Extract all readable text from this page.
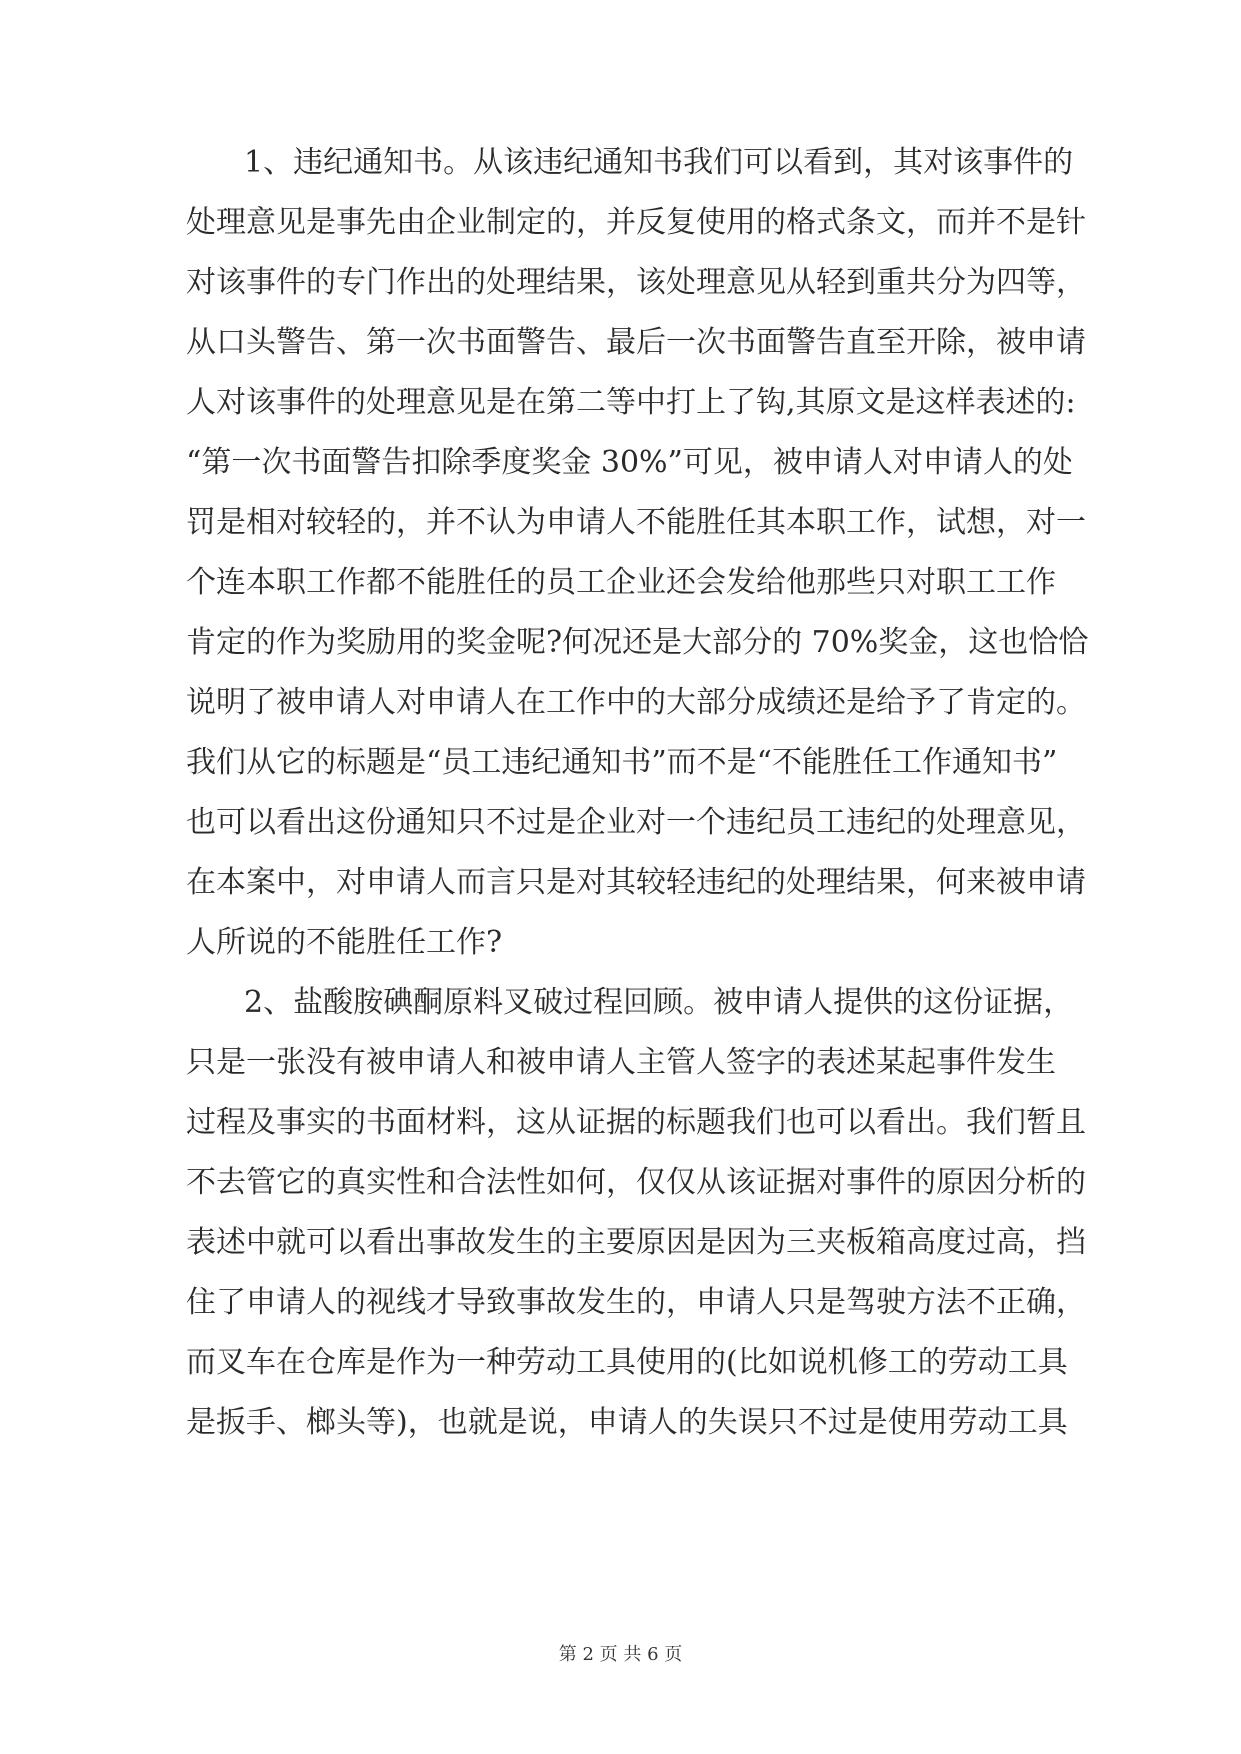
1、违纪通知书。从该违纪通知书我们可以看到，其对该事件的
处理意见是事先由企业制定的，并反复使用的格式条文，而并不是针
对该事件的专门作出的处理结果，该处理意见从轻到重共分为四等，
从口头警告、第一次书面警告、最后一次书面警告直至开除，被申请
人对该事件的处理意见是在第二等中打上了钩,其原文是这样表述的:
“第一次书面警告扣除季度奖金 30%”可见，被申请人对申请人的处
罚是相对较轻的，并不认为申请人不能胜任其本职工作，试想，对一
个连本职工作都不能胜任的员工企业还会发给他那些只对职工工作
肯定的作为奖励用的奖金呢?何况还是大部分的 70%奖金，这也恰恰
说明了被申请人对申请人在工作中的大部分成绩还是给予了肯定的。
我们从它的标题是“员工违纪通知书”而不是“不能胜任工作通知书”
也可以看出这份通知只不过是企业对一个违纪员工违纪的处理意见，
在本案中，对申请人而言只是对其较轻违纪的处理结果，何来被申请
人所说的不能胜任工作?
2、盐酸胺碘酮原料叉破过程回顾。被申请人提供的这份证据，
只是一张没有被申请人和被申请人主管人签字的表述某起事件发生
过程及事实的书面材料，这从证据的标题我们也可以看出。我们暂且
不去管它的真实性和合法性如何，仅仅从该证据对事件的原因分析的
表述中就可以看出事故发生的主要原因是因为三夹板箱高度过高，挡
住了申请人的视线才导致事故发生的，申请人只是驾驶方法不正确，
而叉车在仓库是作为一种劳动工具使用的(比如说机修工的劳动工具
是扳手、榔头等)，也就是说，申请人的失误只不过是使用劳动工具
第 2 页 共 6 页
